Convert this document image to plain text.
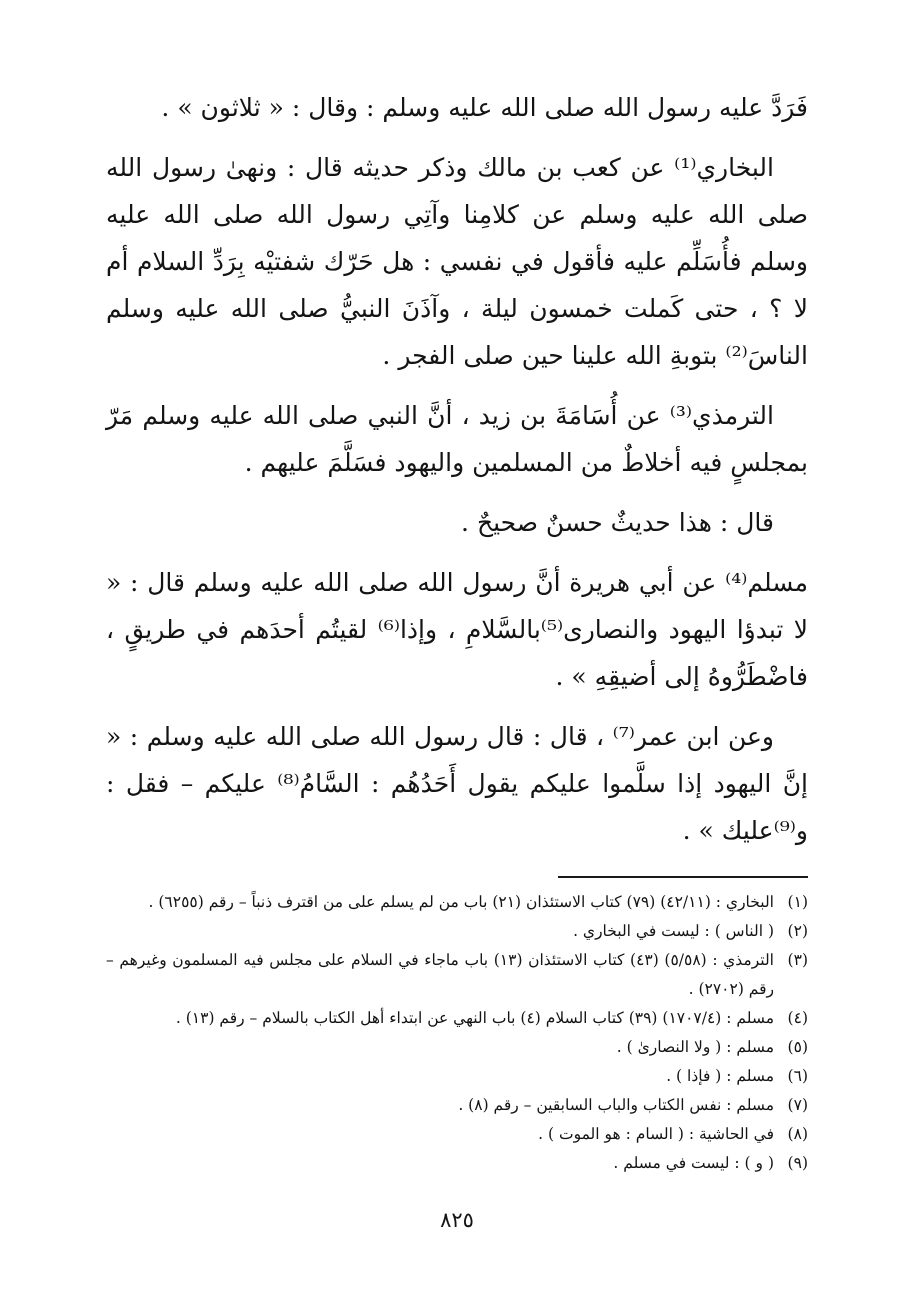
فَرَدَّ عليه رسول الله صلى الله عليه وسلم : وقال : « ثلاثون » .

البخاري⁽¹⁾ عن كعب بن مالك وذكر حديثه قال : ونهىٰ رسول الله صلى الله عليه وسلم عن كلامِنا وآتِي رسول الله صلى الله عليه وسلم فأُسَلِّم عليه فأقول في نفسي : هل حَرّك شفتيْه بِرَدِّ السلام أم لا ؟ ، حتى كَملت خمسون ليلة ، وآذَنَ النبيُّ صلى الله عليه وسلم الناسَ⁽²⁾ بتوبةِ الله علينا حين صلى الفجر .

الترمذي⁽³⁾ عن أُسَامَةَ بن زيد ، أنَّ النبي صلى الله عليه وسلم مَرّ بمجلسٍ فيه أخلاطٌ من المسلمين واليهود فسَلَّمَ عليهم .

قال : هذا حديثٌ حسنٌ صحيحٌ .

مسلم⁽⁴⁾ عن أبي هريرة أنَّ رسول الله صلى الله عليه وسلم قال : « لا تبدؤا اليهود والنصارى⁽⁵⁾بالسَّلامِ ، وإذا⁽⁶⁾ لقيتُم أحدَهم في طريقٍ ، فاضْطَرُّوهُ إلى أضيقِهِ » .

وعن ابن عمر⁽⁷⁾ ، قال : قال رسول الله صلى الله عليه وسلم : « إنَّ اليهود إذا سلَّموا عليكم يقول أَحَدُهُم : السَّامُ⁽⁸⁾ عليكم – فقل : و⁽⁹⁾عليك » .

(١)
البخاري : (٤٢/١١) (٧٩) كتاب الاستئذان (٢١) باب من لم يسلم على من اقترف ذنباً – رقم (٦٢٥٥) .
(٢)
( الناس ) : ليست في البخاري .
(٣)
الترمذي : (٥/٥٨) (٤٣) كتاب الاستئذان (١٣) باب ماجاء في السلام على مجلس فيه المسلمون وغيرهم – رقم (٢٧٠٢) .
(٤)
مسلم : (١٧٠٧/٤) (٣٩) كتاب السلام (٤) باب النهي عن ابتداء أهل الكتاب بالسلام – رقم (١٣) .
(٥)
مسلم : ( ولا النصارىٰ ) .
(٦)
مسلم : ( فإذا ) .
(٧)
مسلم : نفس الكتاب والباب السابقين – رقم (٨) .
(٨)
في الحاشية : ( السام : هو الموت ) .
(٩)
( و ) : ليست في مسلم .
٨٢٥
